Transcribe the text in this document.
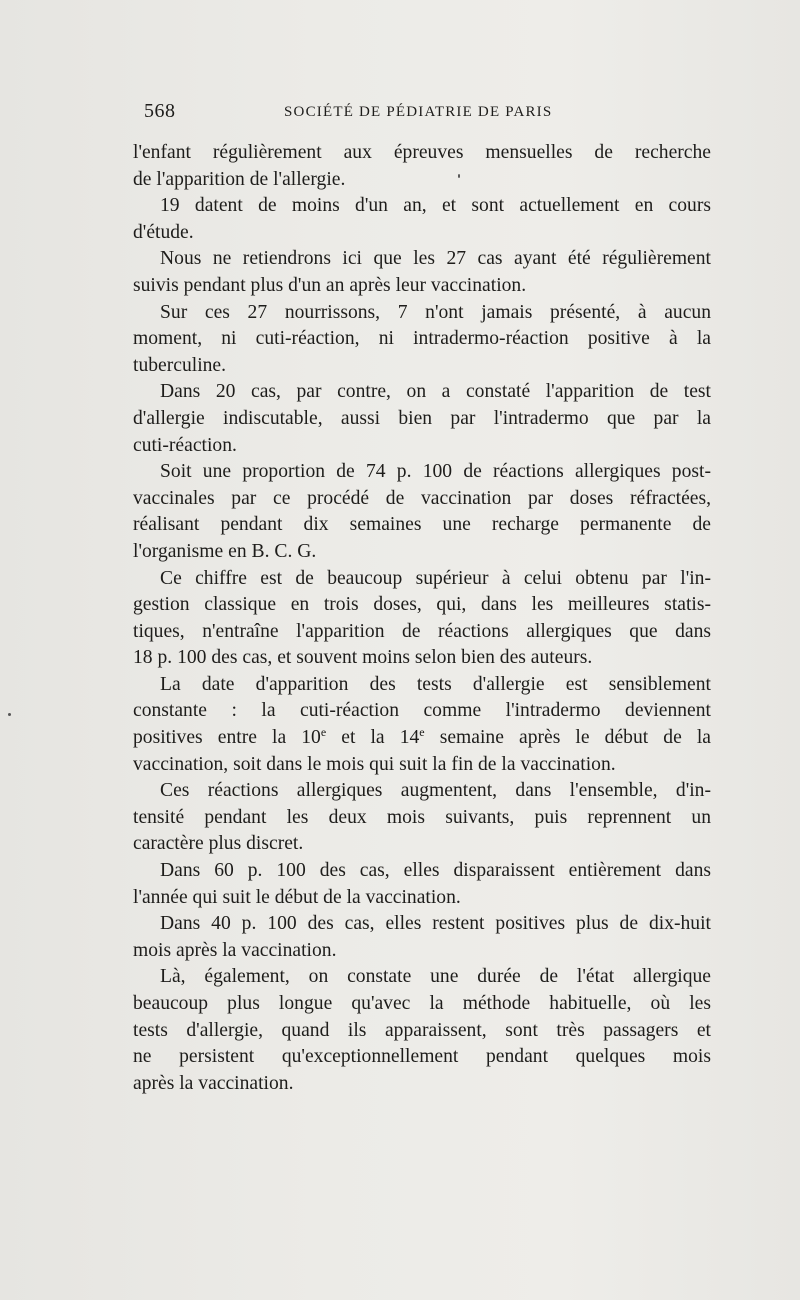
568	SOCIÉTÉ DE PÉDIATRIE DE PARIS

l'enfant régulièrement aux épreuves mensuelles de recherche

de l'apparition de l'allergie.

19 datent de moins d'un an, et sont actuellement en cours

d'étude.

Nous ne retiendrons ici que les 27 cas ayant été régulièrement

suivis pendant plus d'un an après leur vaccination.

Sur ces 27 nourrissons, 7 n'ont jamais présenté, à aucun

moment, ni cuti-réaction, ni intradermo-réaction positive à la

tuberculine.

Dans 20 cas, par contre, on a constaté l'apparition de test

d'allergie indiscutable, aussi bien par l'intradermo que par la

cuti-réaction.

Soit une proportion de 74 p. 100 de réactions allergiques post-

vaccinales par ce procédé de vaccination par doses réfractées,

réalisant pendant dix semaines une recharge permanente de

l'organisme en B. C. G.

Ce chiffre est de beaucoup supérieur à celui obtenu par l'in-

gestion classique en trois doses, qui, dans les meilleures statis-

tiques, n'entraîne l'apparition de réactions allergiques que dans

18 p. 100 des cas, et souvent moins selon bien des auteurs.

La date d'apparition des tests d'allergie est sensiblement

constante : la cuti-réaction comme l'intradermo deviennent

positives entre la 10e et la 14e semaine après le début de la

vaccination, soit dans le mois qui suit la fin de la vaccination.

Ces réactions allergiques augmentent, dans l'ensemble, d'in-

tensité pendant les deux mois suivants, puis reprennent un

caractère plus discret.

Dans 60 p. 100 des cas, elles disparaissent entièrement dans

l'année qui suit le début de la vaccination.

Dans 40 p. 100 des cas, elles restent positives plus de dix-huit

mois après la vaccination.

Là, également, on constate une durée de l'état allergique

beaucoup plus longue qu'avec la méthode habituelle, où les

tests d'allergie, quand ils apparaissent, sont très passagers et

ne persistent qu'exceptionnellement pendant quelques mois

après la vaccination.
